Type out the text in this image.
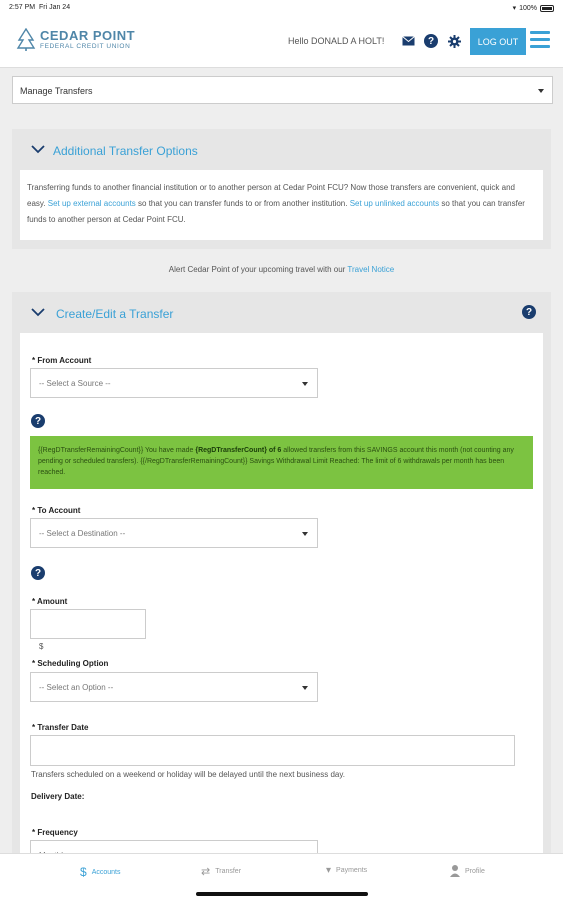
2:57 PM Fri Jan 24	▾ 100%
CEDAR POINT
FEDERAL CREDIT UNION
Hello DONALD A HOLT!	?	LOG OUT
Manage Transfers
Additional Transfer Options
Transferring funds to another financial institution or to another person at Cedar Point FCU? Now those transfers are convenient, quick and easy. Set up external accounts so that you can transfer funds to or from another institution. Set up unlinked accounts so that you can transfer funds to another person at Cedar Point FCU.
Alert Cedar Point of your upcoming travel with our Travel Notice
Create/Edit a Transfer	?
* From Account
-- Select a Source --
?
{{RegDTransferRemainingCount}} You have made {RegDTransferCount} of 6 allowed transfers from this SAVINGS account this month (not counting any pending or scheduled transfers). {{/RegDTransferRemainingCount}} Savings Withdrawal Limit Reached: The limit of 6 withdrawals per month has been reached.
* To Account
-- Select a Destination --
?
* Amount
$
* Scheduling Option
-- Select an Option --
* Transfer Date
Transfers scheduled on a weekend or holiday will be delayed until the next business day.
Delivery Date:
* Frequency
$ Accounts	⇄ Transfer	▾ Payments	Profile
